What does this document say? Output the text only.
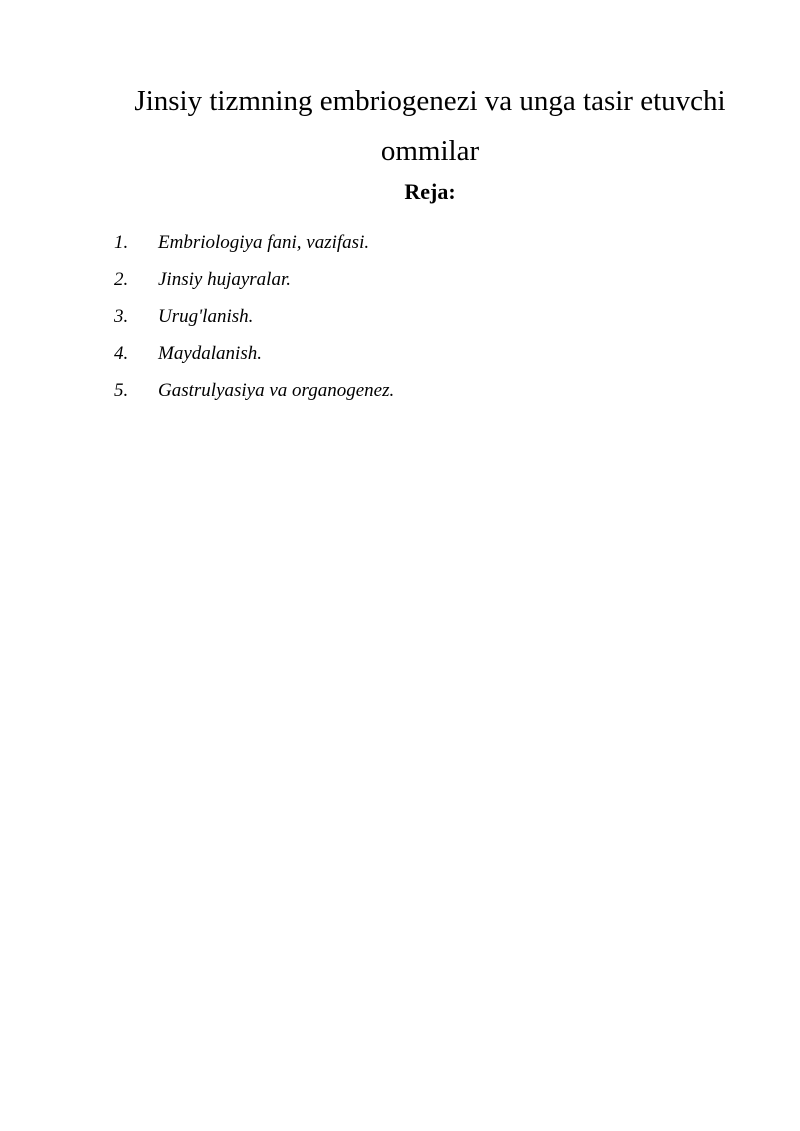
Jinsiy tizmning embriogenezi va unga tasir etuvchi ommilar
Reja:
1. Embriologiya fani, vazifasi.
2. Jinsiy hujayralar.
3. Urug'lanish.
4. Maydalanish.
5. Gastrulyasiya va organogenez.
